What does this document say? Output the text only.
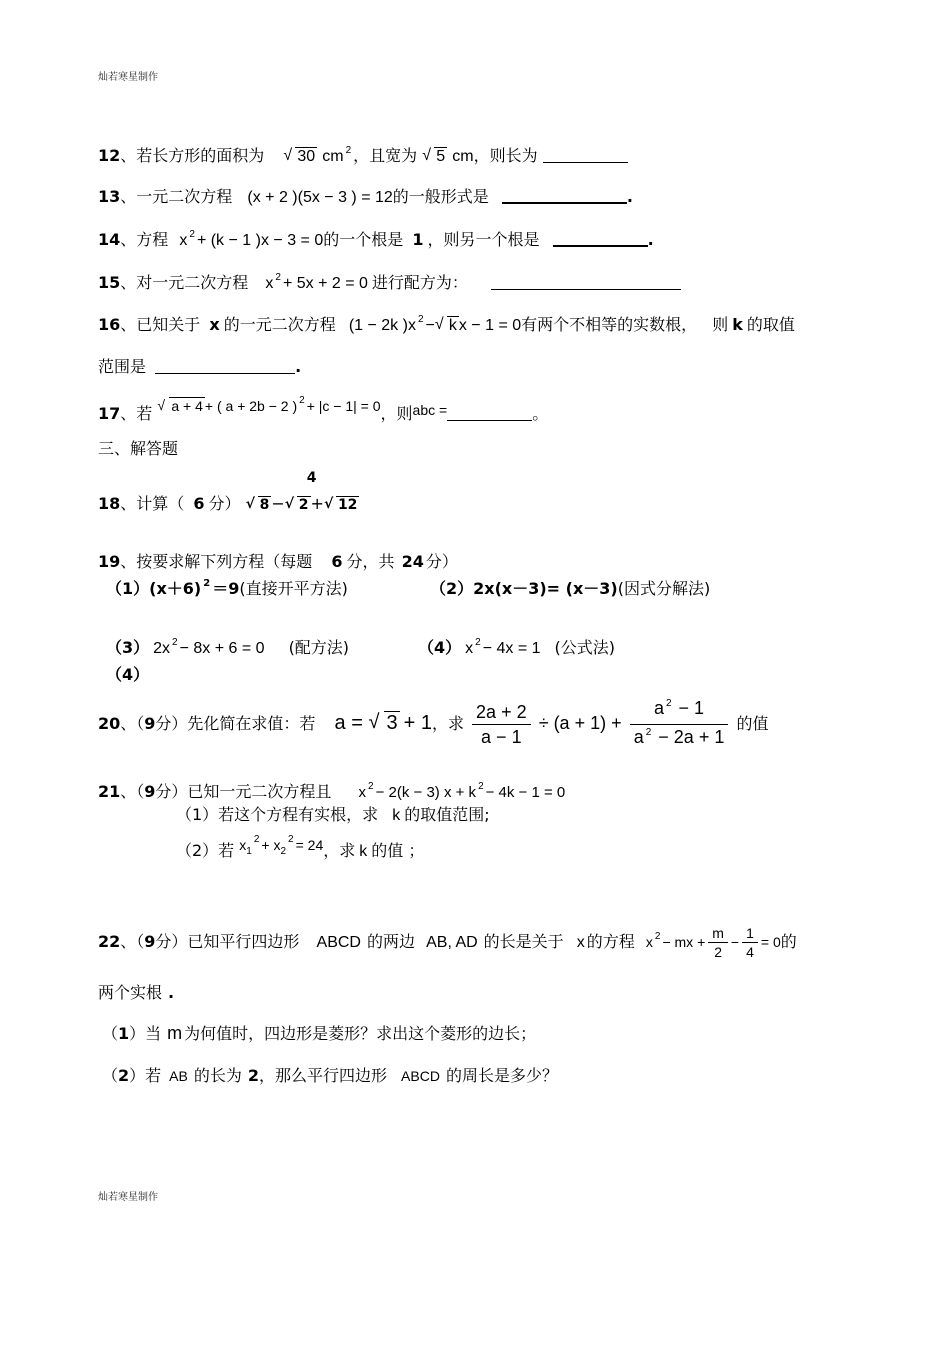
灿若寒星制作
12、若长方形的面积为 √ 30 cm $^2$ ，且宽为 √ 5 cm，则长为
13、一元二次方程 (x + 2 )(5x − 3 ) = 12的一般形式是	.
14、方程 x $^2$ + (k − 1 )x − 3 = 0的一个根是 1 ，则另一个根是	.
15、对一元二次方程 x $^2$ + 5x + 2 = 0 进行配方为：
16、已知关于 x 的一元二次方程 (1 − 2k )x $^2$ − √ k x − 1 = 0有两个不相等的实数根， 则 k 的取值
范围是	.
17、若 √ a + 4 + ( a + 2b − 2 ) $^2$ + |c − 1| = 0，则abc =	。
三、解答题
18、计算（ 6 分） √ 8 −
4
√ 2 + √ 12
19、按要求解下列方程（每题 6 分，共 24 分）
（1）(x＋6) $^2$ ＝9(直接开平方法)	（2）2x(x－3)= (x－3)(因式分解法)
（3） 2x $^2$ − 8x + 6 = 0 (配方法)	（4） x $^2$ − 4x = 1 (公式法)
（4）
20、（9分）先化简在求值：若 a = √ 3 + 1，求 $\frac{2a + 2}{a - 1} \div (a + 1) + \frac{a ^2 - 1}{a ^2 - 2a + 1}$ 的值
21、（9分）已知一元二次方程且 x $^2$ − 2(k − 3) x + k $^2$ − 4k − 1 = 0
（1）若这个方程有实根，求 k 的取值范围;
（2）若 $x_1^2 + x_2^2 = 24$，求 k 的值 ；
22、（9分）已知平行四边形 ABCD 的两边 AB, AD 的长是关于 x 的方程 x $^2$ − mx + $\frac{m}{2} - \frac{1}{4} = 0$的
两个实根 .
（1）当 m 为何值时，四边形是菱形？求出这个菱形的边长；
（2）若 AB 的长为 2，那么平行四边形 ABCD 的周长是多少？
灿若寒星制作
